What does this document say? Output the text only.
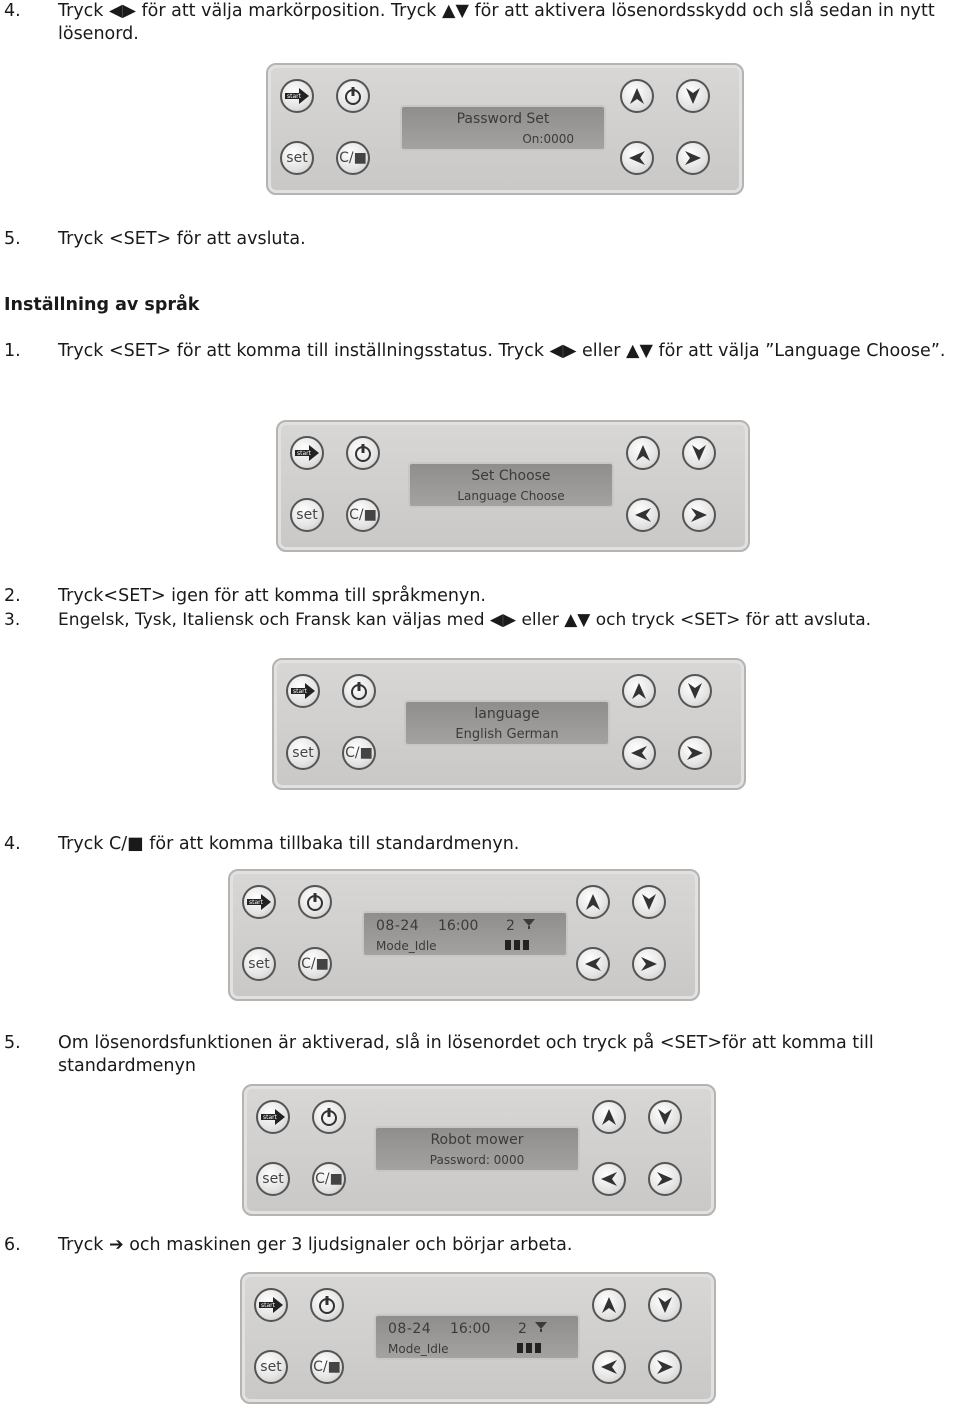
4.	Tryck ◀▶ för att välja markörposition. Tryck ▲▼ för att aktivera lösenordsskydd och slå sedan in nytt lösenord.
start
set C/■
Password Set
On:0000
5.	Tryck <SET> för att avsluta.
Inställning av språk
1.	Tryck <SET> för att komma till inställningsstatus. Tryck ◀▶ eller ▲▼ för att välja ”Language Choose”.
start
set C/■
Set Choose
Language Choose
2.	Tryck<SET> igen för att komma till språkmenyn.
3.	Engelsk, Tysk, Italiensk och Fransk kan väljas med ◀▶ eller ▲▼ och tryck <SET> för att avsluta.
start
set C/■
language
English German
4.	Tryck C/■ för att komma tillbaka till standardmenyn.
start
set C/■
08-24 16:00 2
Mode_Idle
5.	Om lösenordsfunktionen är aktiverad, slå in lösenordet och tryck på <SET>för att komma till standardmenyn
start
set C/■
Robot mower
Password: 0000
6.	Tryck ➔ och maskinen ger 3 ljudsignaler och börjar arbeta.
start
set C/■
08-24 16:00 2
Mode_Idle
